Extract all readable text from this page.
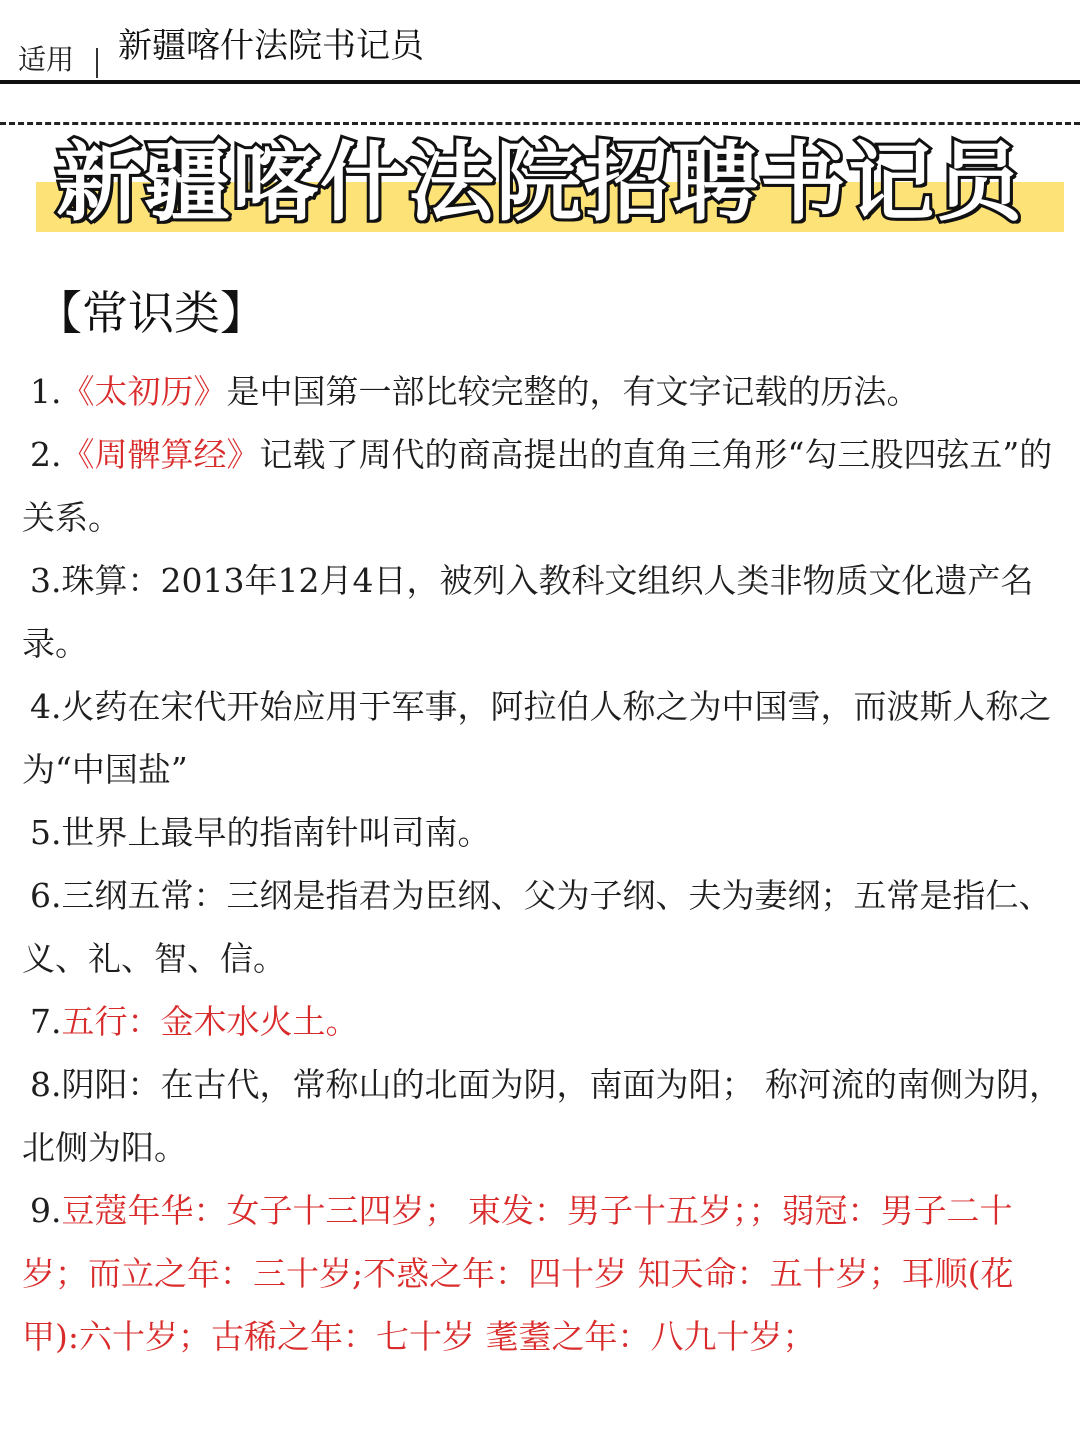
适用 新疆喀什法院书记员
新疆喀什法院招聘书记员
【常识类】
1.《太初历》是中国第一部比较完整的，有文字记载的历法。
2.《周髀算经》记载了周代的商高提出的直角三角形“勾三股四弦五”的关系。
3.珠算：2013年12月4日，被列入教科文组织人类非物质文化遗产名录。
4.火药在宋代开始应用于军事，阿拉伯人称之为中国雪，而波斯人称之为“中国盐”
5.世界上最早的指南针叫司南。
6.三纲五常：三纲是指君为臣纲、父为子纲、夫为妻纲；五常是指仁、义、礼、智、信。
7.五行：金木水火土。
8.阴阳：在古代，常称山的北面为阴，南面为阳； 称河流的南侧为阴，北侧为阳。
9.豆蔻年华：女子十三四岁； 束发：男子十五岁；；弱冠：男子二十岁；而立之年：三十岁;不惑之年：四十岁 知天命：五十岁；耳顺(花甲):六十岁；古稀之年：七十岁 耄耋之年：八九十岁；
